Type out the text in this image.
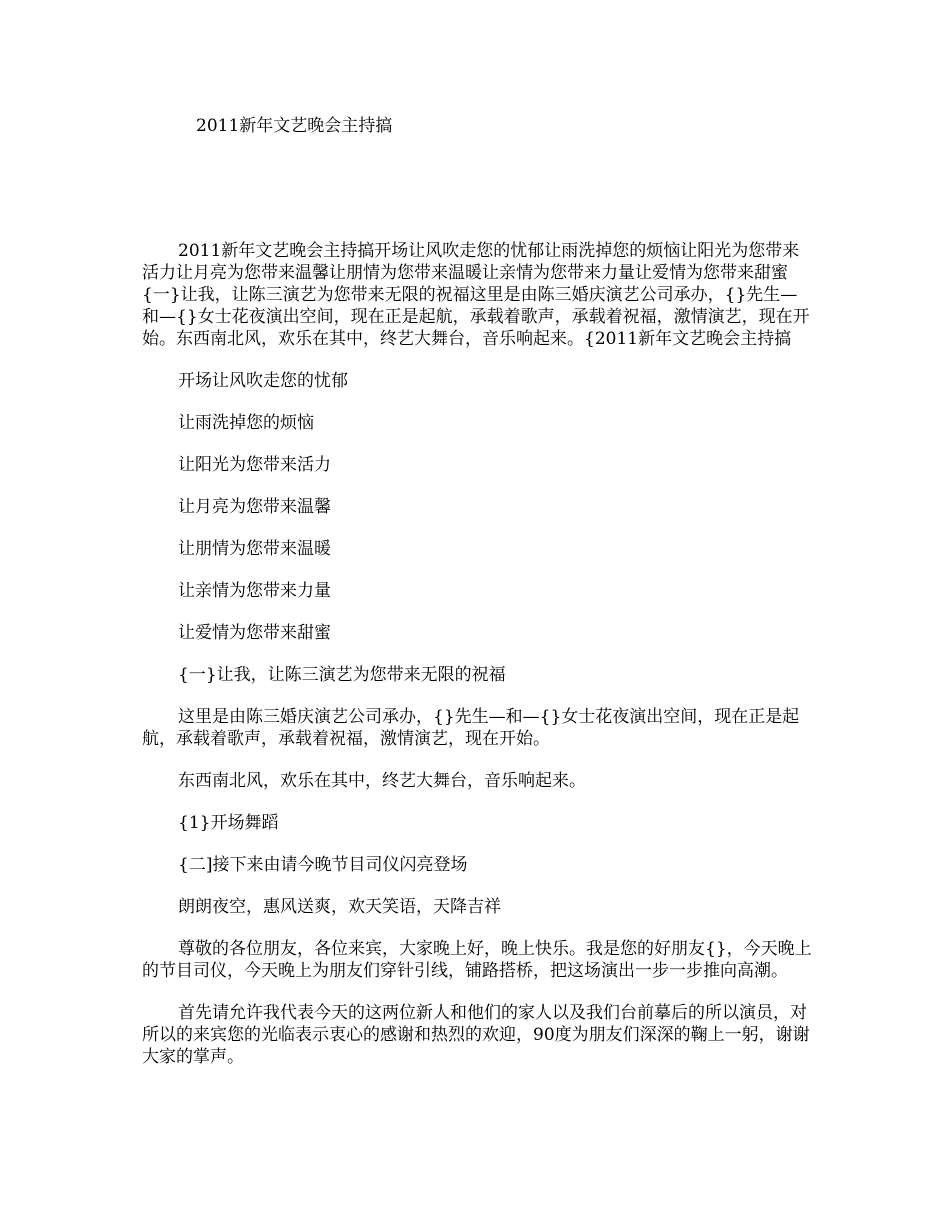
2011新年文艺晚会主持搞

2011新年文艺晚会主持搞开场让风吹走您的忧郁让雨洗掉您的烦恼让阳光为您带来活力让月亮为您带来温馨让朋情为您带来温暖让亲情为您带来力量让爱情为您带来甜蜜{一}让我，让陈三演艺为您带来无限的祝福这里是由陈三婚庆演艺公司承办，{}先生—和—{}女士花夜演出空间，现在正是起航，承载着歌声，承载着祝福，激情演艺，现在开始。东西南北风，欢乐在其中，终艺大舞台，音乐响起来。{2011新年文艺晚会主持搞

开场让风吹走您的忧郁

让雨洗掉您的烦恼

让阳光为您带来活力

让月亮为您带来温馨

让朋情为您带来温暖

让亲情为您带来力量

让爱情为您带来甜蜜

{一}让我，让陈三演艺为您带来无限的祝福

这里是由陈三婚庆演艺公司承办，{}先生—和—{}女士花夜演出空间，现在正是起航，承载着歌声，承载着祝福，激情演艺，现在开始。

东西南北风，欢乐在其中，终艺大舞台，音乐响起来。

{1}开场舞蹈

{二]接下来由请今晚节目司仪闪亮登场

朗朗夜空，惠风送爽，欢天笑语，天降吉祥

尊敬的各位朋友，各位来宾，大家晚上好，晚上快乐。我是您的好朋友{}，今天晚上的节目司仪，今天晚上为朋友们穿针引线，铺路搭桥，把这场演出一步一步推向高潮。

首先请允许我代表今天的这两位新人和他们的家人以及我们台前摹后的所以演员，对所以的来宾您的光临表示衷心的感谢和热烈的欢迎，90度为朋友们深深的鞠上一躬，谢谢大家的掌声。
